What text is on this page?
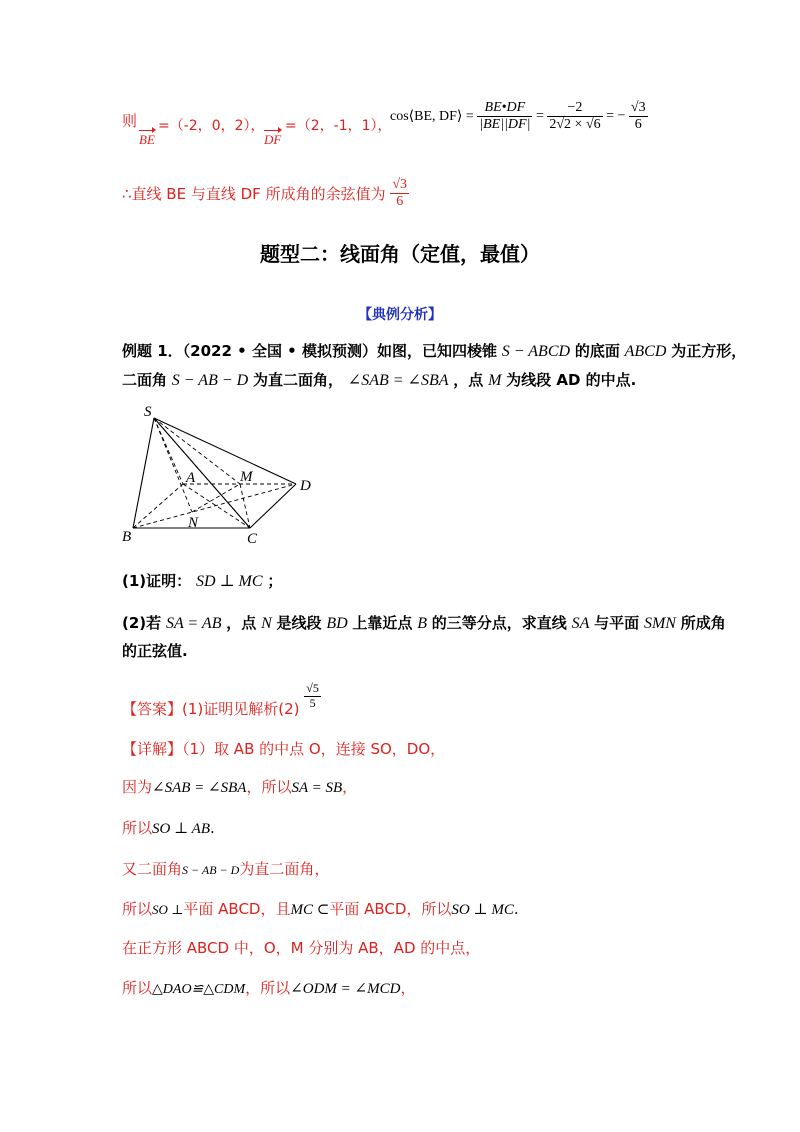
则
BE
=（-2，0，2），
DF
=（2，-1，1），
cos⟨BE, DF⟩ = $\frac{BE•DF}{|BE||DF|} = \frac{-2}{2√2 \times √6}$ = − $\frac{√3}{6}$
∴直线 BE 与直线 DF 所成角的余弦值为 $\frac{√3}{6}$
题型二：线面角（定值，最值）
【典例分析】
例题 1．（2022 • 全国 • 模拟预测）如图，已知四棱锥 S − ABCD 的底面 ABCD 为正方形，
二面角 S − AB − D 为直二面角， ∠SAB = ∠SBA ，点 M 为线段 AD 的中点.
S
A	M
D
N
B	C
(1)证明： SD ⊥ MC ；
(2)若 SA = AB ，点 N 是线段 BD 上靠近点 B 的三等分点，求直线 SA 与平面 SMN 所成角
的正弦值.
【答案】(1)证明见解析$(2) \frac{√5}{5}$
【详解】（1）取 AB 的中点 O，连接 SO，DO，
因为∠SAB = ∠SBA，所以SA = SB，
所以SO ⊥ AB.
又二面角S − AB − D为直二面角，
所以SO ⊥平面 ABCD，且MC ⊂平面 ABCD，所以SO ⊥ MC.
在正方形 ABCD 中，O，M 分别为 AB，AD 的中点，
所以△DAO≌△CDM，所以∠ODM = ∠MCD，
